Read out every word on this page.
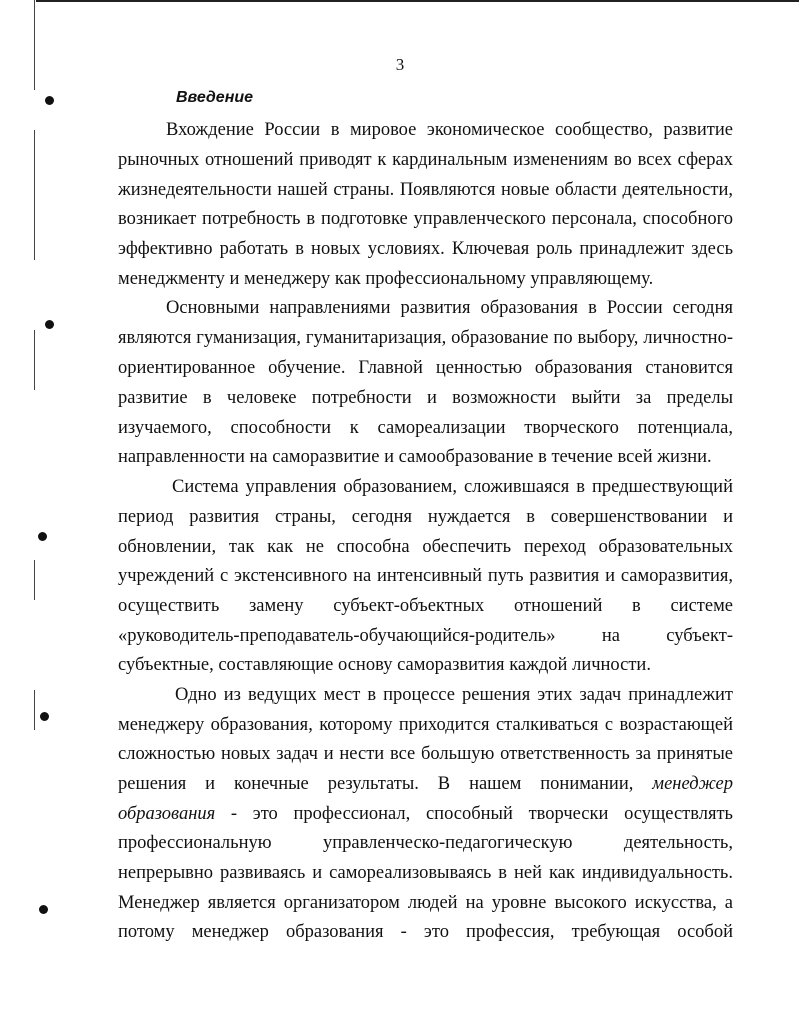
3
Введение
Вхождение России в мировое экономическое сообщество, развитие
рыночных отношений приводят к кардинальным изменениям во всех сферах
жизнедеятельности нашей страны. Появляются новые области деятельности,
возникает потребность в подготовке управленческого персонала, способного
эффективно работать в новых условиях. Ключевая роль принадлежит здесь
менеджменту и менеджеру как профессиональному управляющему.
Основными направлениями развития образования в России сегодня
являются гуманизация, гуманитаризация, образование по выбору, личностно-
ориентированное обучение. Главной ценностью образования становится
развитие в человеке потребности и возможности выйти за пределы
изучаемого, способности к самореализации творческого потенциала,
направленности на саморазвитие и самообразование в течение всей жизни.
Система управления образованием, сложившаяся в предшествующий
период развития страны, сегодня нуждается в совершенствовании и
обновлении, так как не способна обеспечить переход образовательных
учреждений с экстенсивного на интенсивный путь развития и саморазвития,
осуществить замену субъект-объектных отношений в системе
«руководитель-преподаватель-обучающийся-родитель» на субъект-
субъектные, составляющие основу саморазвития каждой личности.
Одно из ведущих мест в процессе решения этих задач принадлежит
менеджеру образования, которому приходится сталкиваться с возрастающей
сложностью новых задач и нести все большую ответственность за принятые
решения и конечные результаты. В нашем понимании, менеджер
образования - это профессионал, способный творчески осуществлять
профессиональную управленческо-педагогическую деятельность,
непрерывно развиваясь и самореализовываясь в ней как индивидуальность.
Менеджер является организатором людей на уровне высокого искусства, а
потому менеджер образования - это профессия, требующая особой
